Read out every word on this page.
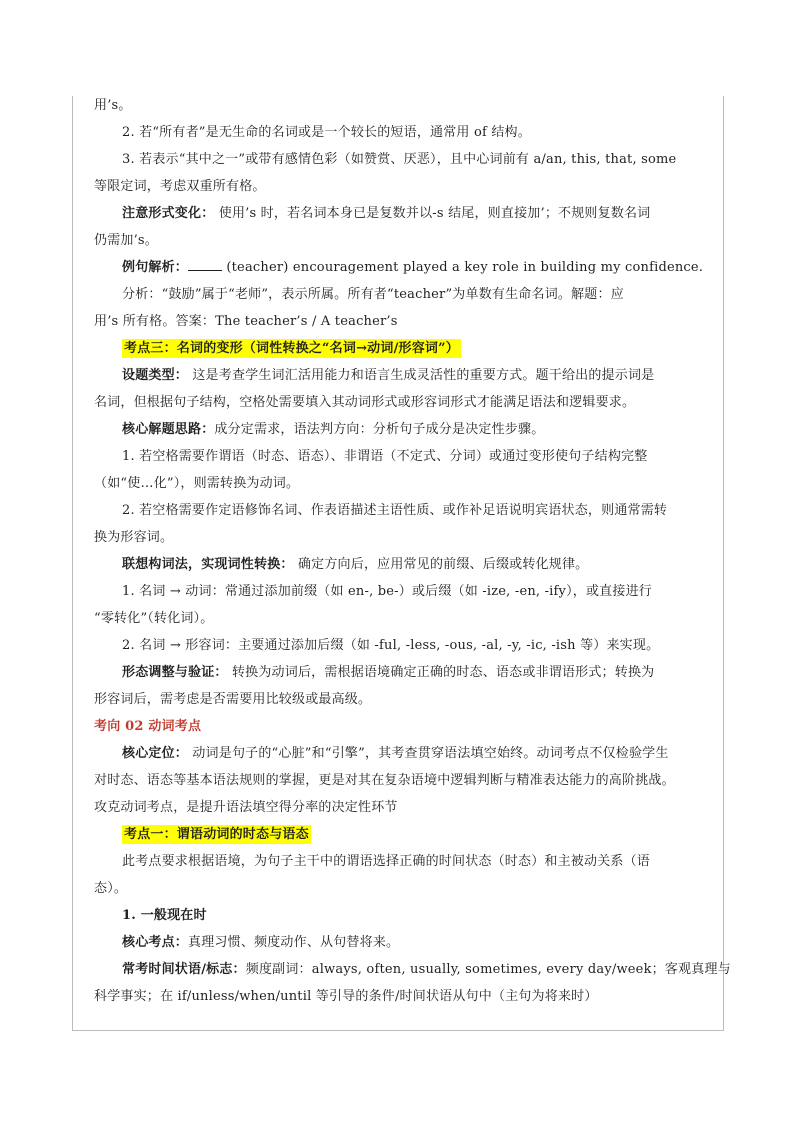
用’s。
2. 若“所有者”是无生命的名词或是一个较长的短语，通常用 of 结构。
3. 若表示“其中之一”或带有感情色彩（如赞赏、厌恶），且中心词前有 a/an, this, that, some
等限定词，考虑双重所有格。
注意形式变化： 使用’s 时，若名词本身已是复数并以-s 结尾，则直接加’；不规则复数名词
仍需加’s。
例句解析：	(teacher) encouragement played a key role in building my confidence.
分析：“鼓励”属于“老师”，表示所属。所有者“teacher”为单数有生命名词。解题：应
用’s 所有格。答案：The teacher’s / A teacher’s
考点三：名词的变形（词性转换之“名词→动词/形容词”）
设题类型： 这是考查学生词汇活用能力和语言生成灵活性的重要方式。题干给出的提示词是
名词，但根据句子结构，空格处需要填入其动词形式或形容词形式才能满足语法和逻辑要求。
核心解题思路：成分定需求，语法判方向：分析句子成分是决定性步骤。
1. 若空格需要作谓语（时态、语态）、非谓语（不定式、分词）或通过变形使句子结构完整
（如“使…化”），则需转换为动词。
2. 若空格需要作定语修饰名词、作表语描述主语性质、或作补足语说明宾语状态，则通常需转
换为形容词。
联想构词法，实现词性转换： 确定方向后，应用常见的前缀、后缀或转化规律。
1. 名词 → 动词：常通过添加前缀（如 en-, be-）或后缀（如 -ize, -en, -ify），或直接进行
“零转化”（转化词）。
2. 名词 → 形容词：主要通过添加后缀（如 -ful, -less, -ous, -al, -y, -ic, -ish 等）来实现。
形态调整与验证： 转换为动词后，需根据语境确定正确的时态、语态或非谓语形式；转换为
形容词后，需考虑是否需要用比较级或最高级。
考向 02 动词考点
核心定位： 动词是句子的“心脏”和“引擎”，其考查贯穿语法填空始终。动词考点不仅检验学生
对时态、语态等基本语法规则的掌握，更是对其在复杂语境中逻辑判断与精准表达能力的高阶挑战。
攻克动词考点，是提升语法填空得分率的决定性环节
考点一：谓语动词的时态与语态
此考点要求根据语境，为句子主干中的谓语选择正确的时间状态（时态）和主被动关系（语
态）。
1. 一般现在时
核心考点：真理习惯、频度动作、从句替将来。
常考时间状语/标志：频度副词：always, often, usually, sometimes, every day/week；客观真理与
科学事实；在 if/unless/when/until 等引导的条件/时间状语从句中（主句为将来时）
